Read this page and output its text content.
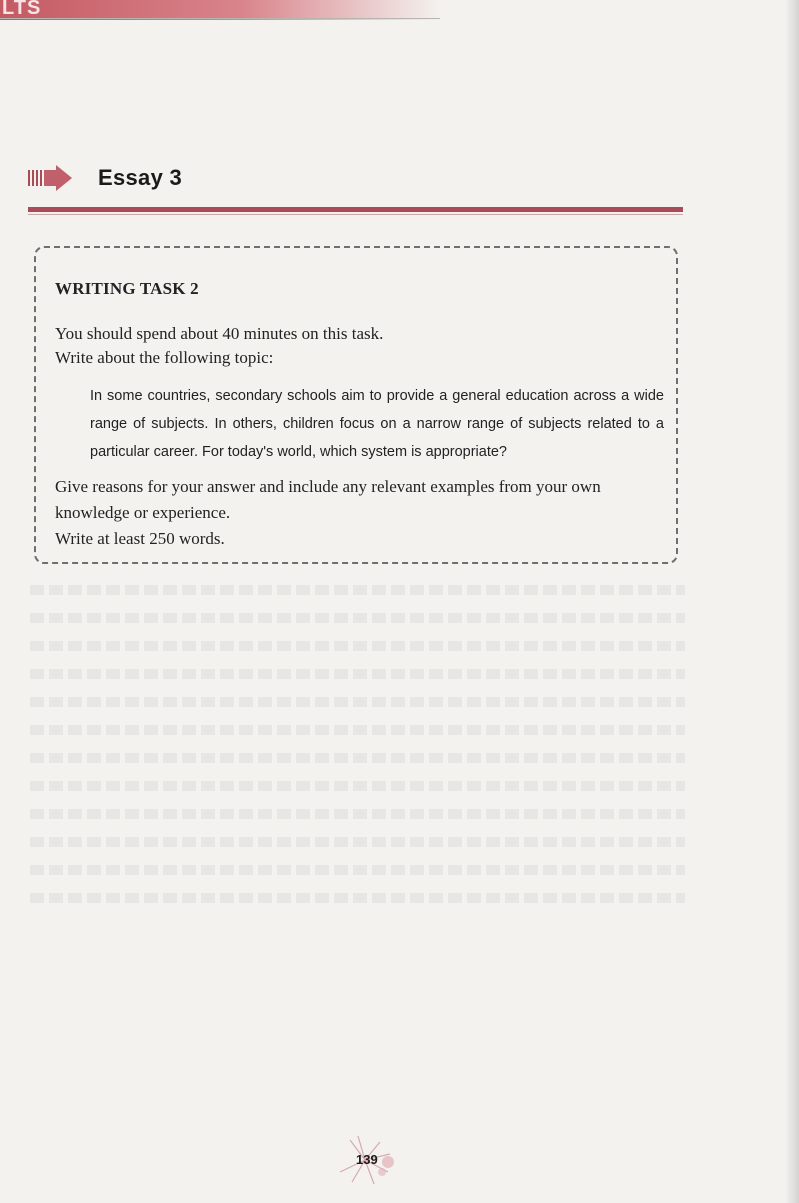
LTS
Essay 3
WRITING TASK 2
You should spend about 40 minutes on this task.
Write about the following topic:
In some countries, secondary schools aim to provide a general education across a wide range of subjects. In others, children focus on a narrow range of subjects related to a particular career. For today's world, which system is appropriate?
Give reasons for your answer and include any relevant examples from your own knowledge or experience.
Write at least 250 words.
139
